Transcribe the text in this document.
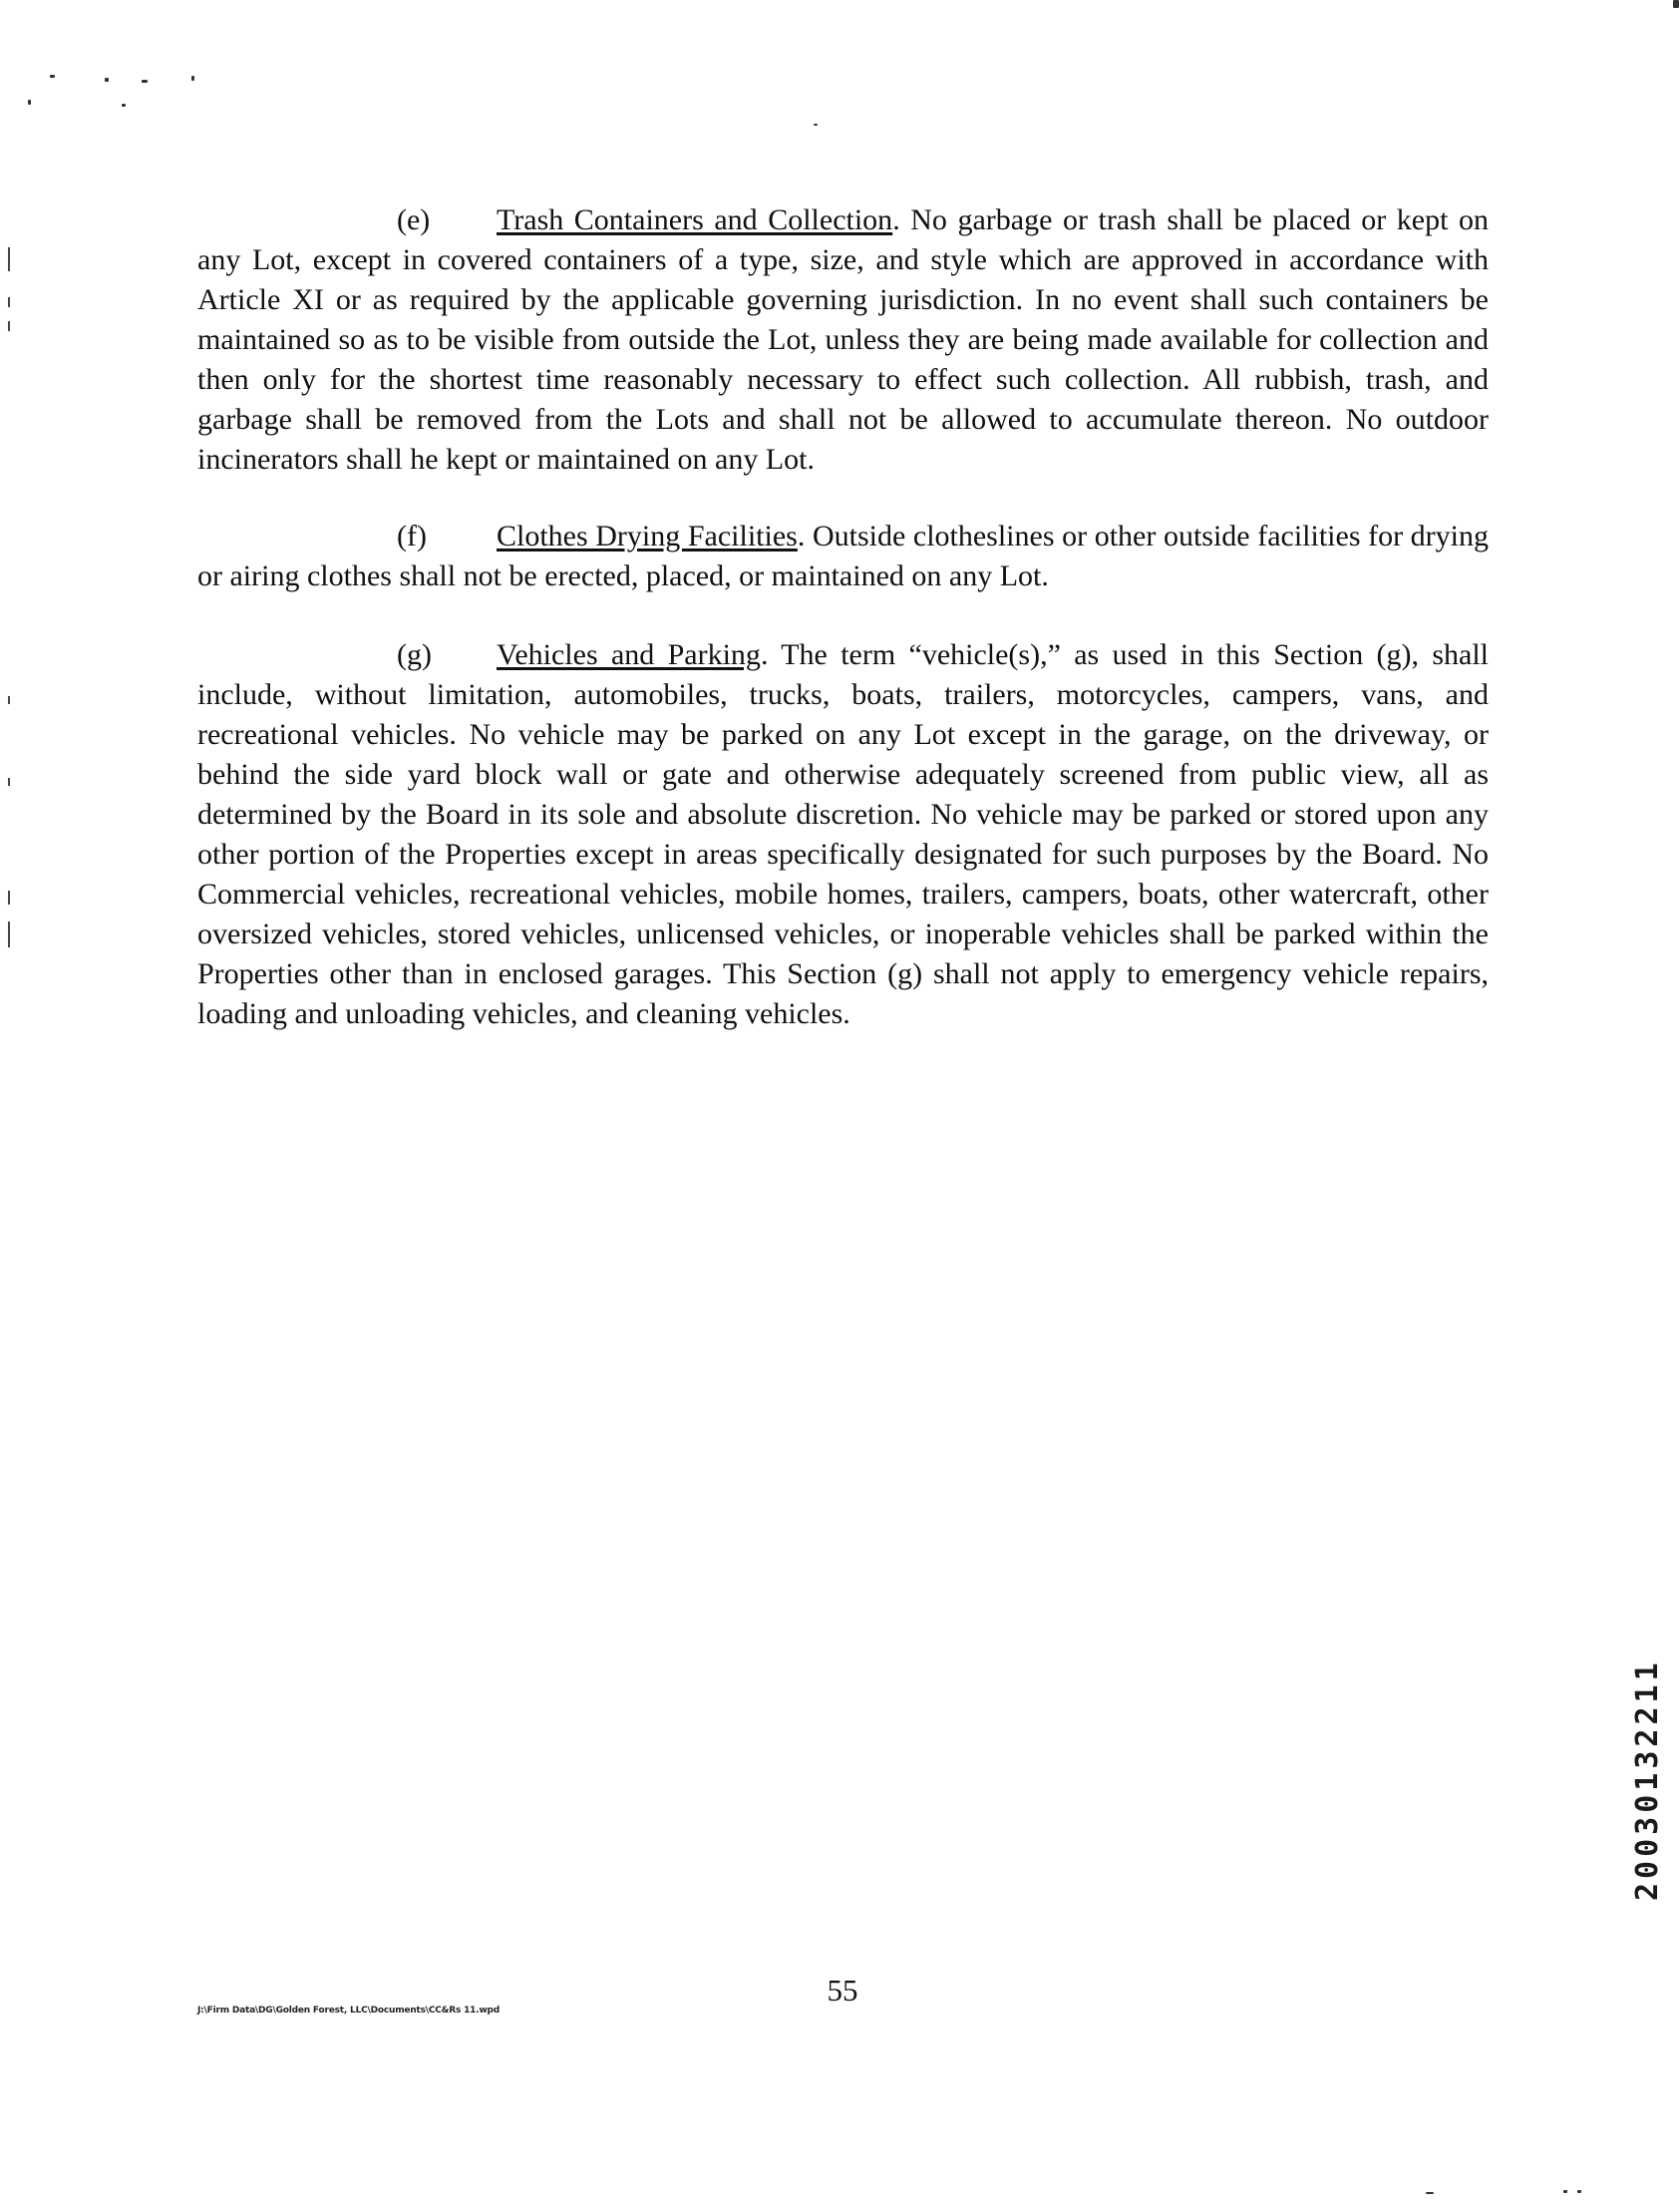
(e) Trash Containers and Collection. No garbage or trash shall be placed or kept on any Lot, except in covered containers of a type, size, and style which are approved in accordance with Article XI or as required by the applicable governing jurisdiction. In no event shall such containers be maintained so as to be visible from outside the Lot, unless they are being made available for collection and then only for the shortest time reasonably necessary to effect such collection. All rubbish, trash, and garbage shall be removed from the Lots and shall not be allowed to accumulate thereon. No outdoor incinerators shall he kept or maintained on any Lot.

(f) Clothes Drying Facilities. Outside clotheslines or other outside facilities for drying or airing clothes shall not be erected, placed, or maintained on any Lot.

(g) Vehicles and Parking. The term “vehicle(s),” as used in this Section (g), shall include, without limitation, automobiles, trucks, boats, trailers, motorcycles, campers, vans, and recreational vehicles. No vehicle may be parked on any Lot except in the garage, on the driveway, or behind the side yard block wall or gate and otherwise adequately screened from public view, all as determined by the Board in its sole and absolute discretion. No vehicle may be parked or stored upon any other portion of the Properties except in areas specifically designated for such purposes by the Board. No Commercial vehicles, recreational vehicles, mobile homes, trailers, campers, boats, other watercraft, other oversized vehicles, stored vehicles, unlicensed vehicles, or inoperable vehicles shall be parked within the Properties other than in enclosed garages. This Section (g) shall not apply to emergency vehicle repairs, loading and unloading vehicles, and cleaning vehicles.

J:\Firm Data\DG\Golden Forest, LLC\Documents\CC&Rs 11.wpd
55
20030132211
